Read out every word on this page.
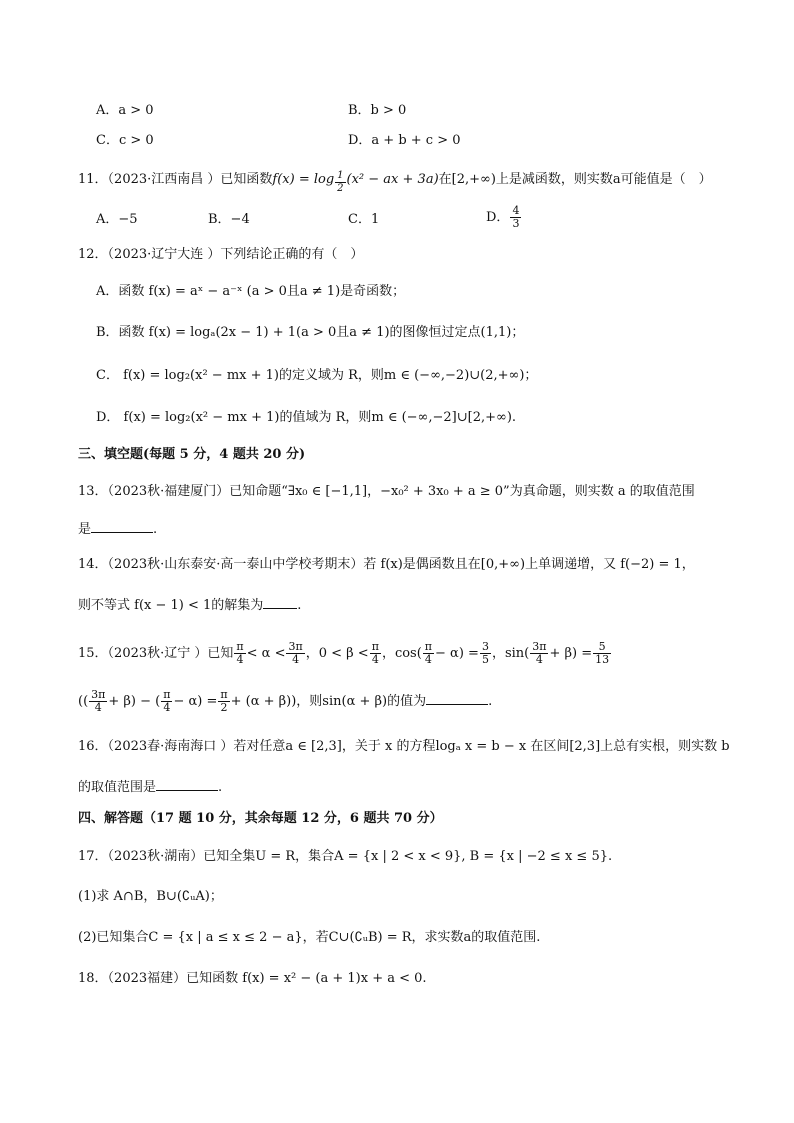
A．a > 0	B．b > 0
C．c > 0	D．a + b + c > 0
11．（2023·江西南昌 ）已知函数$f(x) = \log \frac{1}{2} (x^2$ − ax + 3a)在[2,+∞)上是减函数，则实数a可能值是（　）
A．−5	B．−4	C．1	D． $\frac{4}{3}$
12．（2023·辽宁大连 ）下列结论正确的有（　）
A．函数 f(x) = aˣ − a⁻ˣ (a > 0且a ≠ 1)是奇函数；
B．函数 f(x) = logₐ(2x − 1) + 1(a > 0且a ≠ 1)的图像恒过定点(1,1)；
C． f(x) = log₂(x² − mx + 1)的定义域为 R，则m ∈ (−∞,−2)∪(2,+∞)；
D． f(x) = log₂(x² − mx + 1)的值域为 R，则m ∈ (−∞,−2]∪[2,+∞).
三、填空题(每题 5 分，4 题共 20 分)
13．（2023秋·福建厦门）已知命题“∃x₀ ∈ [−1,1]，−x₀² + 3x₀ + a ≥ 0”为真命题，则实数 a 的取值范围
是	.
14．（2023秋·山东泰安·高一泰山中学校考期末）若 f(x)是偶函数且在[0,+∞)上单调递增，又 f(−2) = 1，
则不等式 f(x − 1) < 1的解集为	.
15．（2023秋·辽宁 ）已知 $\frac{\pi}{4} < \alpha < \frac{3\pi}{4}$ ，$0 < \beta < \frac{\pi}{4}$ ，$\cos( \frac{\pi}{4} - \alpha) = \frac{3}{5}$ ，$\sin( \frac{3\pi}{4} + \beta) = \frac{5}{13}$
(( $\frac{3\pi}{4} + \beta$) − ( $\frac{\pi}{4} - \alpha) = \frac{\pi}{2} + (\alpha + \beta)$)，则sin(α + β)的值为	.
16．（2023春·海南海口 ）若对任意a ∈ [2,3]，关于 x 的方程logₐ x = b − x 在区间[2,3]上总有实根，则实数 b
的取值范围是	.
四、解答题（17 题 10 分，其余每题 12 分，6 题共 70 分）
17．（2023秋·湖南）已知全集U = R，集合A = {x | 2 < x < 9}, B = {x | −2 ≤ x ≤ 5}.
(1)求 A∩B，B∪(∁ᵤA)；
(2)已知集合C = {x | a ≤ x ≤ 2 − a}，若C∪(∁ᵤB) = R，求实数a的取值范围.
18．（2023福建）已知函数 f(x) = x² − (a + 1)x + a < 0.
